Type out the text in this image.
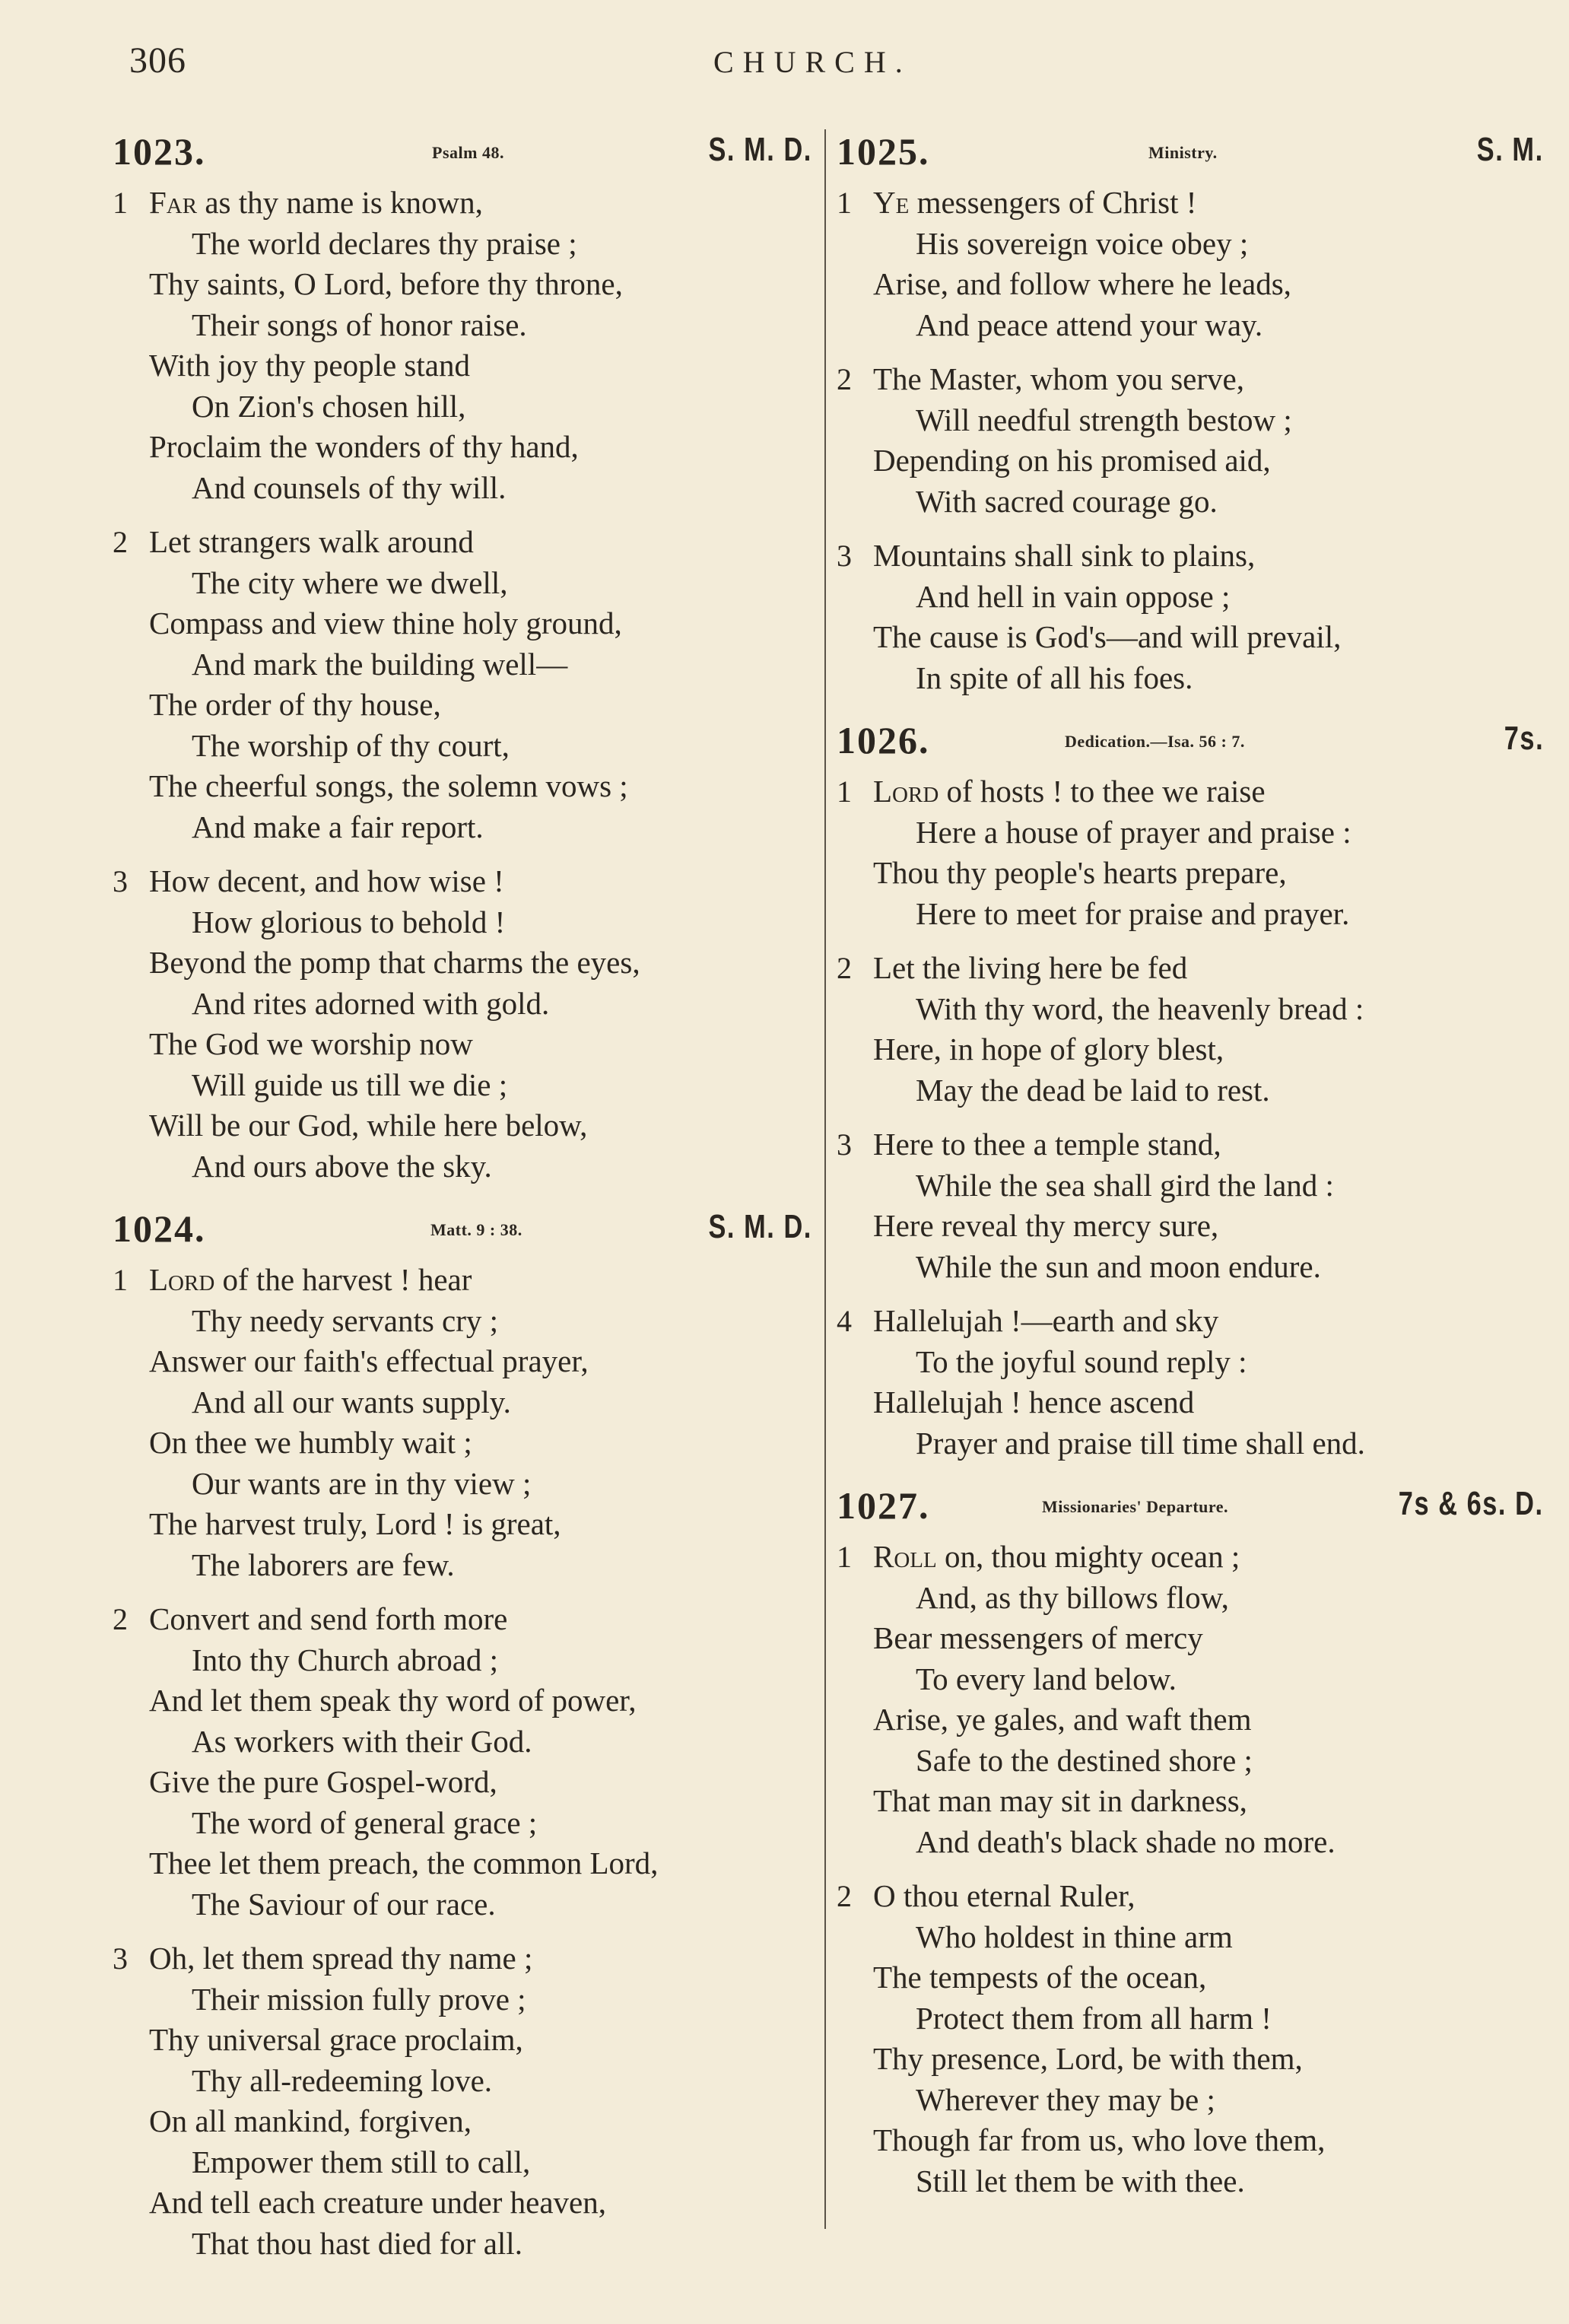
306	CHURCH.
1023.	Psalm 48.	S. M. D.
1 Far as thy name is known,
The world declares thy praise ;
Thy saints, O Lord, before thy throne,
Their songs of honor raise.
With joy thy people stand
On Zion's chosen hill,
Proclaim the wonders of thy hand,
And counsels of thy will.
2 Let strangers walk around
The city where we dwell,
Compass and view thine holy ground,
And mark the building well—
The order of thy house,
The worship of thy court,
The cheerful songs, the solemn vows ;
And make a fair report.
3 How decent, and how wise !
How glorious to behold !
Beyond the pomp that charms the eyes,
And rites adorned with gold.
The God we worship now
Will guide us till we die ;
Will be our God, while here below,
And ours above the sky.
1024.	Matt. 9 : 38.	S. M. D.
1 Lord of the harvest ! hear
Thy needy servants cry ;
Answer our faith's effectual prayer,
And all our wants supply.
On thee we humbly wait ;
Our wants are in thy view ;
The harvest truly, Lord ! is great,
The laborers are few.
2 Convert and send forth more
Into thy Church abroad ;
And let them speak thy word of power,
As workers with their God.
Give the pure Gospel-word,
The word of general grace ;
Thee let them preach, the common Lord,
The Saviour of our race.
3 Oh, let them spread thy name ;
Their mission fully prove ;
Thy universal grace proclaim,
Thy all-redeeming love.
On all mankind, forgiven,
Empower them still to call,
And tell each creature under heaven,
That thou hast died for all.
1025.	Ministry.	S. M.
1 Ye messengers of Christ !
His sovereign voice obey ;
Arise, and follow where he leads,
And peace attend your way.
2 The Master, whom you serve,
Will needful strength bestow ;
Depending on his promised aid,
With sacred courage go.
3 Mountains shall sink to plains,
And hell in vain oppose ;
The cause is God's—and will prevail,
In spite of all his foes.
1026.	Dedication.—Isa. 56 : 7.	7s.
1 Lord of hosts ! to thee we raise
Here a house of prayer and praise :
Thou thy people's hearts prepare,
Here to meet for praise and prayer.
2 Let the living here be fed
With thy word, the heavenly bread :
Here, in hope of glory blest,
May the dead be laid to rest.
3 Here to thee a temple stand,
While the sea shall gird the land :
Here reveal thy mercy sure,
While the sun and moon endure.
4 Hallelujah !—earth and sky
To the joyful sound reply :
Hallelujah ! hence ascend
Prayer and praise till time shall end.
1027.	Missionaries' Departure.	7s & 6s. D.
1 Roll on, thou mighty ocean ;
And, as thy billows flow,
Bear messengers of mercy
To every land below.
Arise, ye gales, and waft them
Safe to the destined shore ;
That man may sit in darkness,
And death's black shade no more.
2 O thou eternal Ruler,
Who holdest in thine arm
The tempests of the ocean,
Protect them from all harm !
Thy presence, Lord, be with them,
Wherever they may be ;
Though far from us, who love them,
Still let them be with thee.
